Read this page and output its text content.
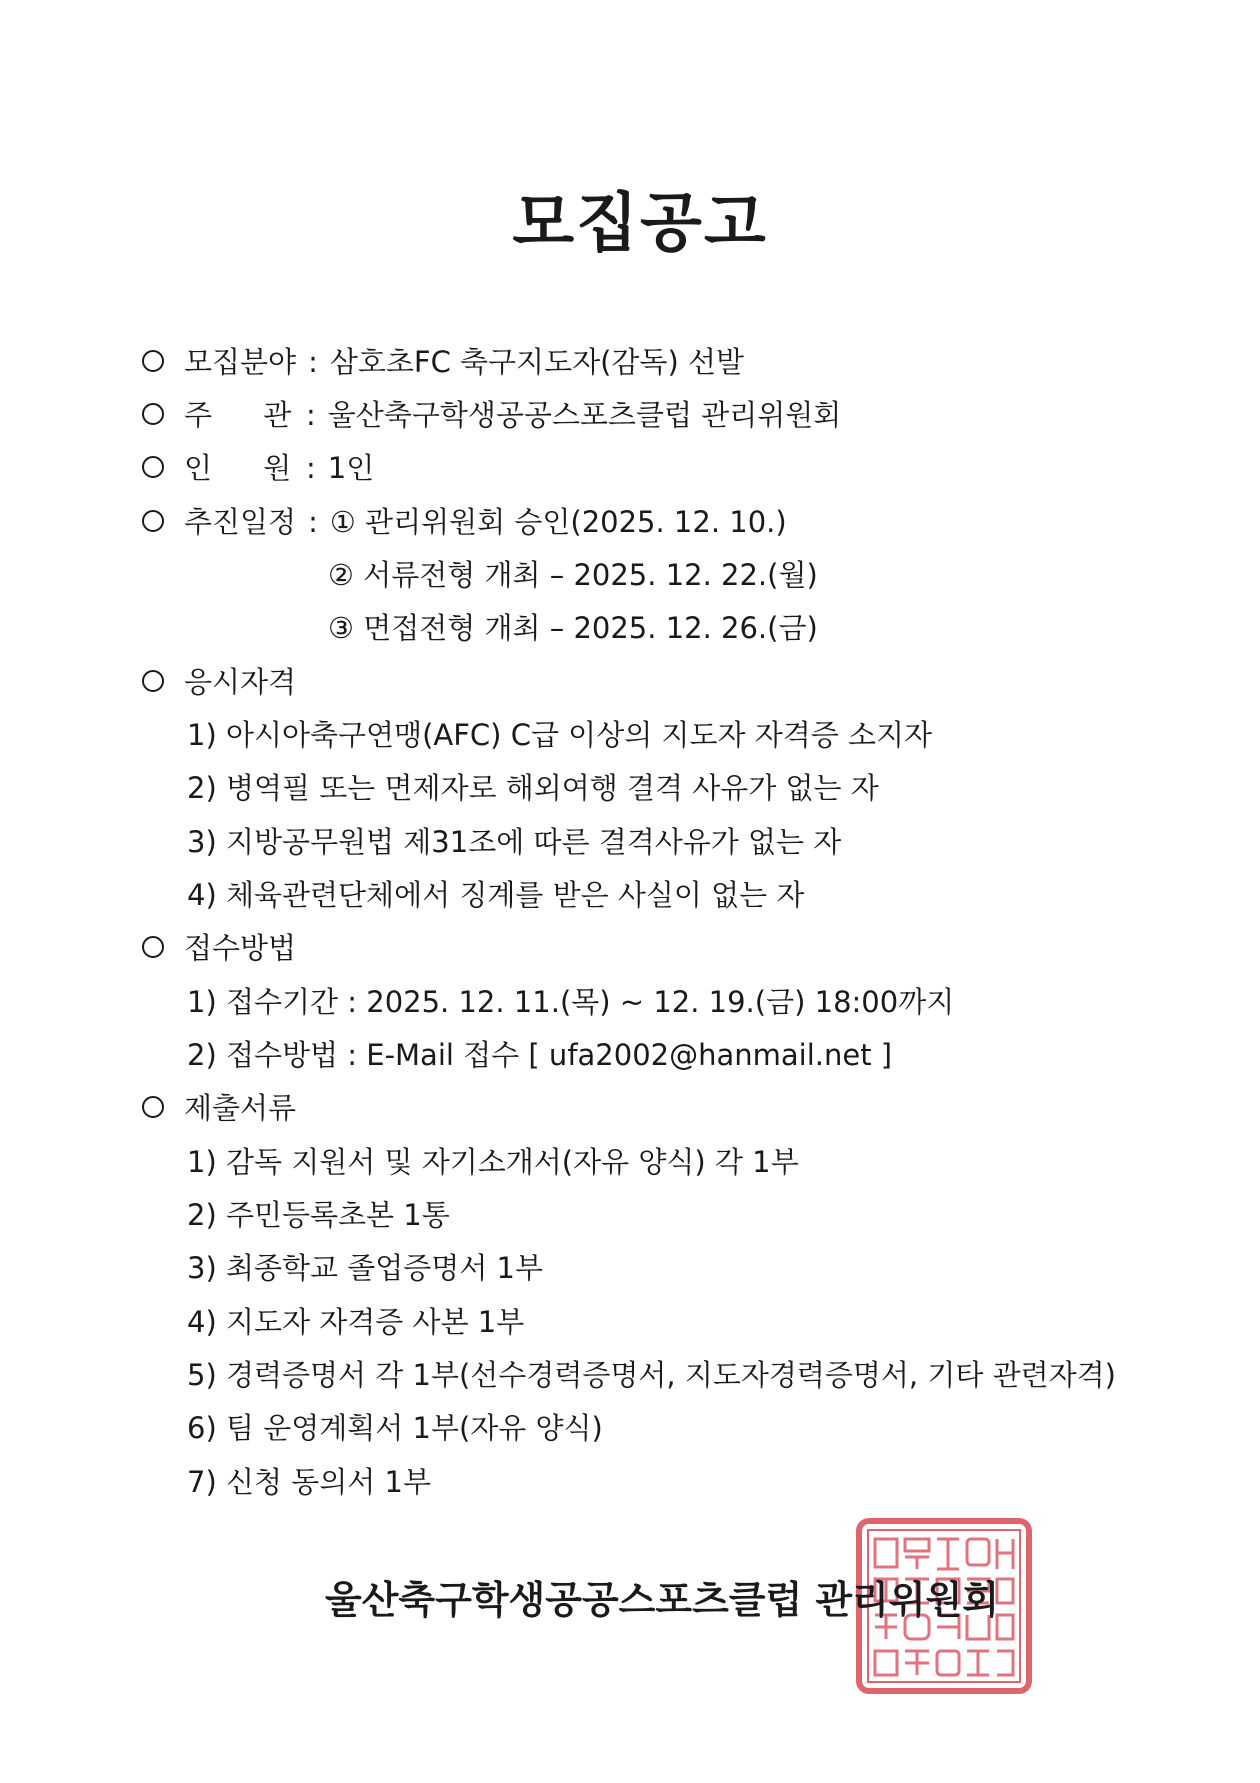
모집공고
모집분야 : 삼호초FC 축구지도자(감독) 선발
주 관 : 울산축구학생공공스포츠클럽 관리위원회
인 원 : 1인
추진일정 : ① 관리위원회 승인(2025. 12. 10.)
② 서류전형 개최 – 2025. 12. 22.(월)
③ 면접전형 개최 – 2025. 12. 26.(금)
응시자격
1) 아시아축구연맹(AFC) C급 이상의 지도자 자격증 소지자
2) 병역필 또는 면제자로 해외여행 결격 사유가 없는 자
3) 지방공무원법 제31조에 따른 결격사유가 없는 자
4) 체육관련단체에서 징계를 받은 사실이 없는 자
접수방법
1) 접수기간 : 2025. 12. 11.(목) ~ 12. 19.(금) 18:00까지
2) 접수방법 : E-Mail 접수 [ ufa2002@hanmail.net ]
제출서류
1) 감독 지원서 및 자기소개서(자유 양식) 각 1부
2) 주민등록초본 1통
3) 최종학교 졸업증명서 1부
4) 지도자 자격증 사본 1부
5) 경력증명서 각 1부(선수경력증명서, 지도자경력증명서, 기타 관련자격)
6) 팀 운영계획서 1부(자유 양식)
7) 신청 동의서 1부
울산축구학생공공스포츠클럽 관리위원회
